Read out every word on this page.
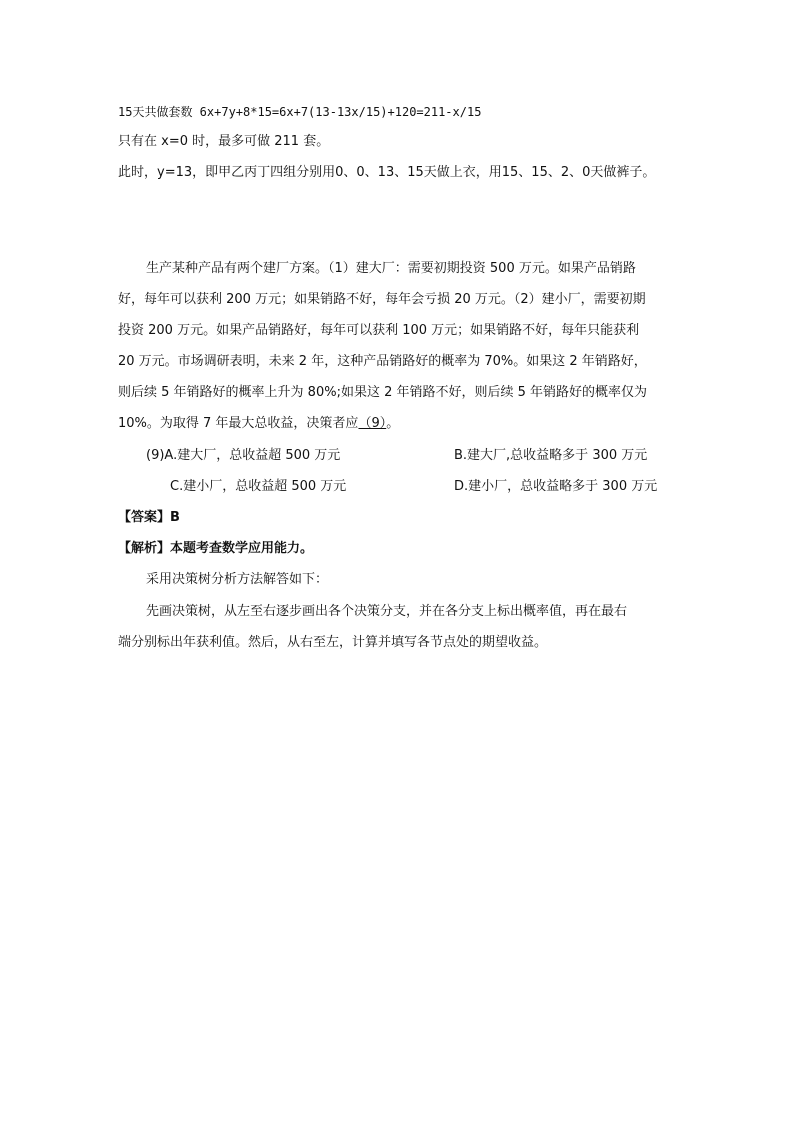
15天共做套数 6x+7y+8*15=6x+7(13-13x/15)+120=211-x/15
只有在 x=0 时，最多可做 211 套。
此时，y=13，即甲乙丙丁四组分别用0、0、13、15天做上衣，用15、15、2、0天做裤子。
生产某种产品有两个建厂方案。（1）建大厂：需要初期投资 500 万元。如果产品销路
好，每年可以获利 200 万元；如果销路不好，每年会亏损 20 万元。（2）建小厂，需要初期
投资 200 万元。如果产品销路好，每年可以获利 100 万元；如果销路不好，每年只能获利
20 万元。市场调研表明，未来 2 年，这种产品销路好的概率为 70%。如果这 2 年销路好，
则后续 5 年销路好的概率上升为 80%;如果这 2 年销路不好，则后续 5 年销路好的概率仅为
10%。为取得 7 年最大总收益，决策者应（9）。
(9)A.建大厂，总收益超 500 万元	B.建大厂,总收益略多于 300 万元
C.建小厂，总收益超 500 万元	D.建小厂，总收益略多于 300 万元
【答案】B
【解析】本题考查数学应用能力。
采用决策树分析方法解答如下：
先画决策树，从左至右逐步画出各个决策分支，并在各分支上标出概率值，再在最右
端分别标出年获利值。然后，从右至左，计算并填写各节点处的期望收益。
